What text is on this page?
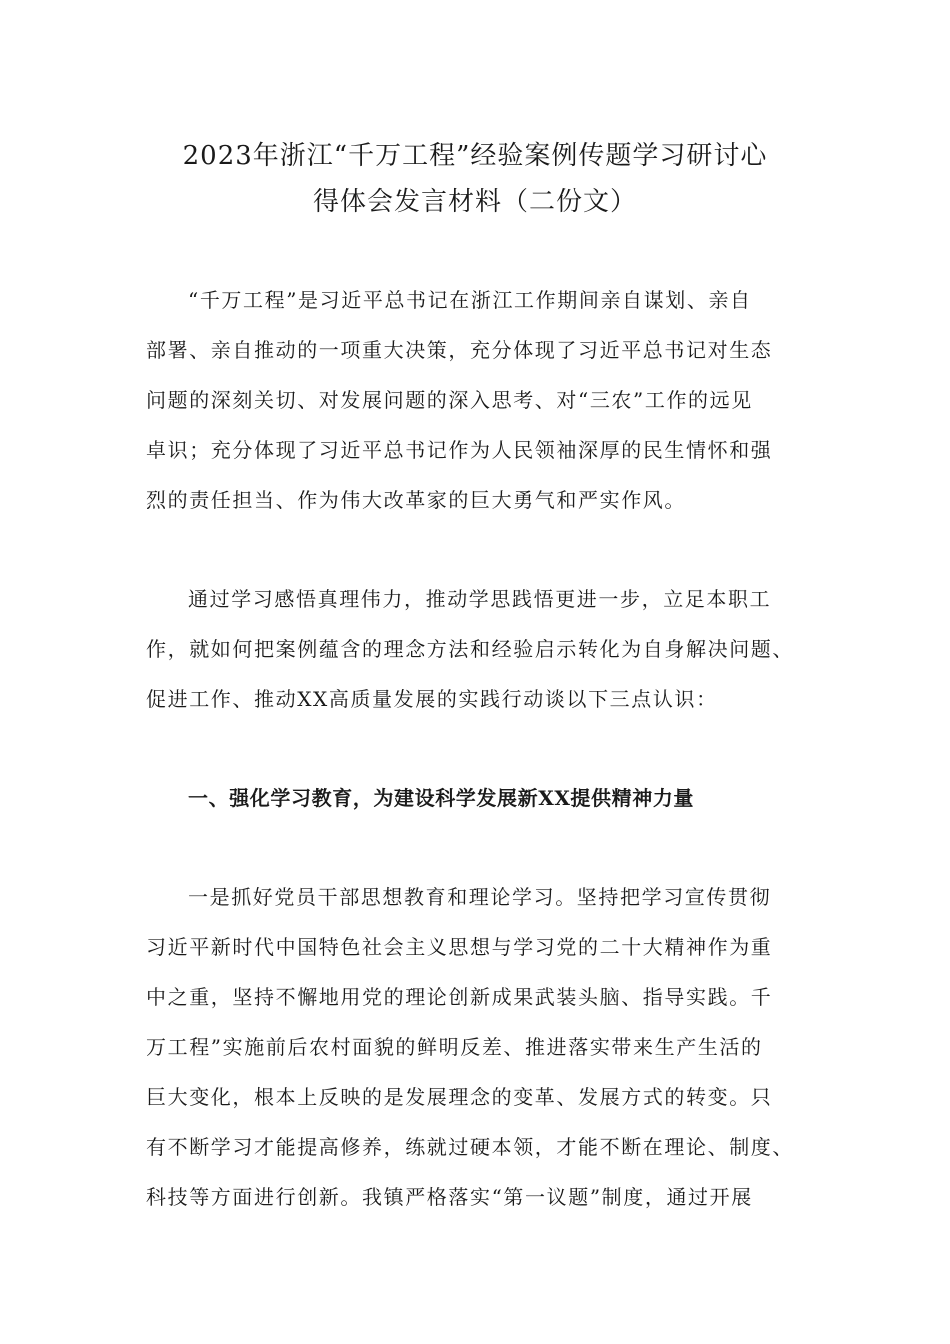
2023年浙江“千万工程”经验案例传题学习研讨心
得体会发言材料（二份文）

“千万工程”是习近平总书记在浙江工作期间亲自谋划、亲自

部署、亲自推动的一项重大决策，充分体现了习近平总书记对生态

问题的深刻关切、对发展问题的深入思考、对“三农”工作的远见

卓识；充分体现了习近平总书记作为人民领袖深厚的民生情怀和强

烈的责任担当、作为伟大改革家的巨大勇气和严实作风。

通过学习感悟真理伟力，推动学思践悟更进一步，立足本职工

作，就如何把案例蕴含的理念方法和经验启示转化为自身解决问题、

促进工作、推动XX高质量发展的实践行动谈以下三点认识：

一、强化学习教育，为建设科学发展新XX提供精神力量

一是抓好党员干部思想教育和理论学习。坚持把学习宣传贯彻

习近平新时代中国特色社会主义思想与学习党的二十大精神作为重

中之重，坚持不懈地用党的理论创新成果武装头脑、指导实践。千

万工程”实施前后农村面貌的鲜明反差、推进落实带来生产生活的

巨大变化，根本上反映的是发展理念的变革、发展方式的转变。只

有不断学习才能提高修养，练就过硬本领，才能不断在理论、制度、

科技等方面进行创新。我镇严格落实“第一议题”制度，通过开展
